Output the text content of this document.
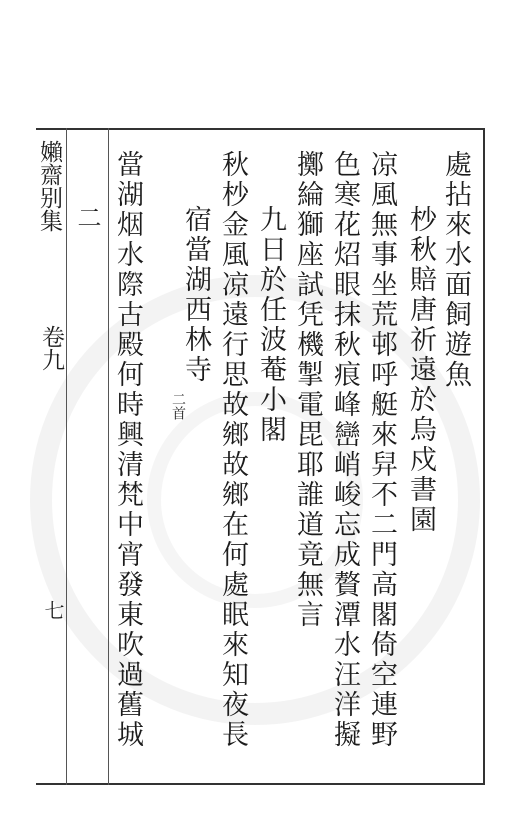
嬾齋别集
卷九
七
二	處拈來水面飼遊魚
杪秋賠唐祈遠於烏戍書園
凉風無事坐荒邨呼艇來舁不二門高閣倚空連野
色寒花炤眼抹秋痕峰巒峭峻忘成贅潭水汪洋擬
擲綸獅座試凭機掣電毘耶誰道竟無言
九日於任波菴小閣
秋杪金風凉遠行思故鄉故鄉在何處眠來知夜長
宿當湖西林寺
二首
當湖烟水際古殿何時興清梵中宵發東吹過舊城
